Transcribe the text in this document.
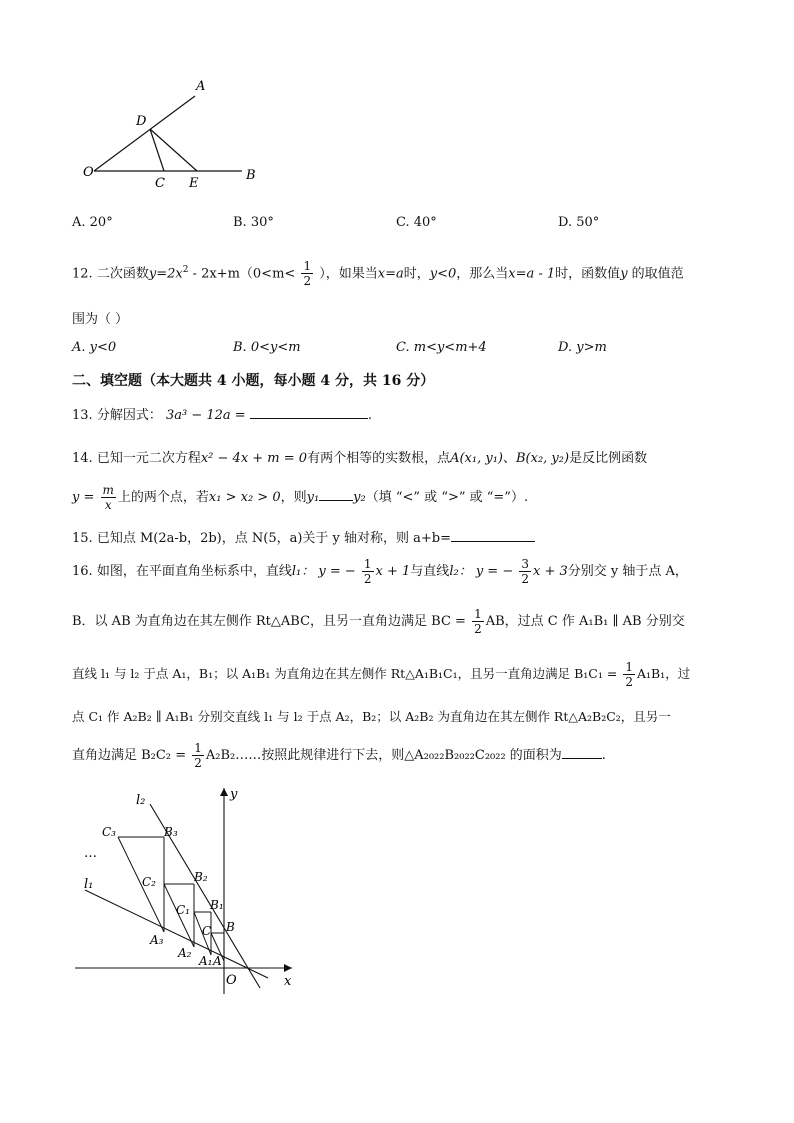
A
D
O
C E
B
A. 20°	B. 30°	C. 40°	D. 50°
12. 二次函数$y=2x^2 - 2x+m(0<m< \frac{1}{2}$ ），如果当x=a时，y<0，那么当x=a - 1时，函数值y 的取值范
围为（ ）
A. y<0	B. 0<y<m	C. m<y<m+4	D. y>m
二、填空题（本大题共 4 小题，每小题 4 分，共 16 分）
13. 分解因式： 3a³ − 12a =	.
14. 已知一元二次方程x² − 4x + m = 0有两个相等的实数根，点A(x₁, y₁)、B(x₂, y₂)是反比例函数
$y = \frac{m}{x}$ 上的两个点，若x₁ > x₂ > 0，则y₁	y₂（填 “<” 或 “>” 或 “=”）.
15. 已知点 M(2a-b，2b)，点 N(5，a)关于 y 轴对称，则 a+b=
16. 如图，在平面直角坐标系中，直线l₁： y = − $\frac{1}{2}$ x + 1与直线l₂： y = − $\frac{3}{2}$ x + 3分别交 y 轴于点 A，
B．以 AB 为直角边在其左侧作 Rt△ABC，且另一直角边满足 BC = $\frac{1}{2}$ AB，过点 C 作 A₁B₁ ∥ AB 分别交
直线 l₁ 与 l₂ 于点 A₁，B₁；以 A₁B₁ 为直角边在其左侧作 Rt△A₁B₁C₁，且另一直角边满足 $B_1C_1 = \frac{1}{2} A_1B_1$，过
点 C₁ 作 A₂B₂ ∥ A₁B₁ 分别交直线 l₁ 与 l₂ 于点 A₂，B₂；以 A₂B₂ 为直角边在其左侧作 Rt△A₂B₂C₂，且另一
直角边满足 $B_2C_2 = \frac{1}{2}$ A₂B₂……按照此规律进行下去，则△A₂₀₂₂B₂₀₂₂C₂₀₂₂ 的面积为	.
y
x
O
l₂
l₁
…
C₃	B₃
C₂	B₂
C₁ B₁
C B
A₃
A₂
A₁ A
